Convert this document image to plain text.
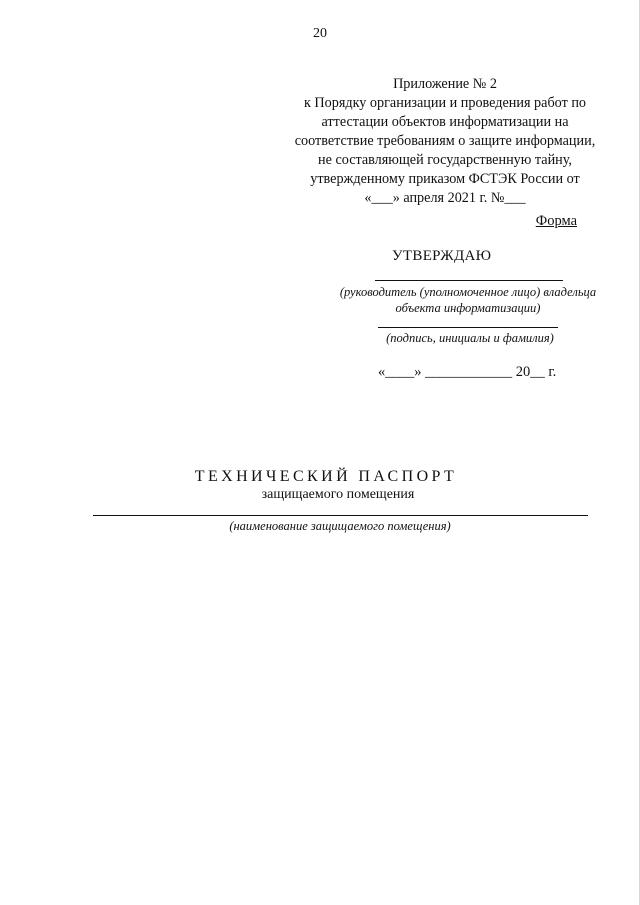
20
Приложение № 2
к Порядку организации и проведения работ по
аттестации объектов информатизации на
соответствие требованиям о защите информации,
не составляющей государственную тайну,
утвержденному приказом ФСТЭК России от
«___» апреля 2021 г. №___
Форма
УТВЕРЖДАЮ
(руководитель (уполномоченное лицо) владельца
объекта информатизации)
(подпись, инициалы и фамилия)
«____» ____________ 20__ г.
ТЕХНИЧЕСКИЙ ПАСПОРТ
защищаемого помещения
(наименование защищаемого помещения)
